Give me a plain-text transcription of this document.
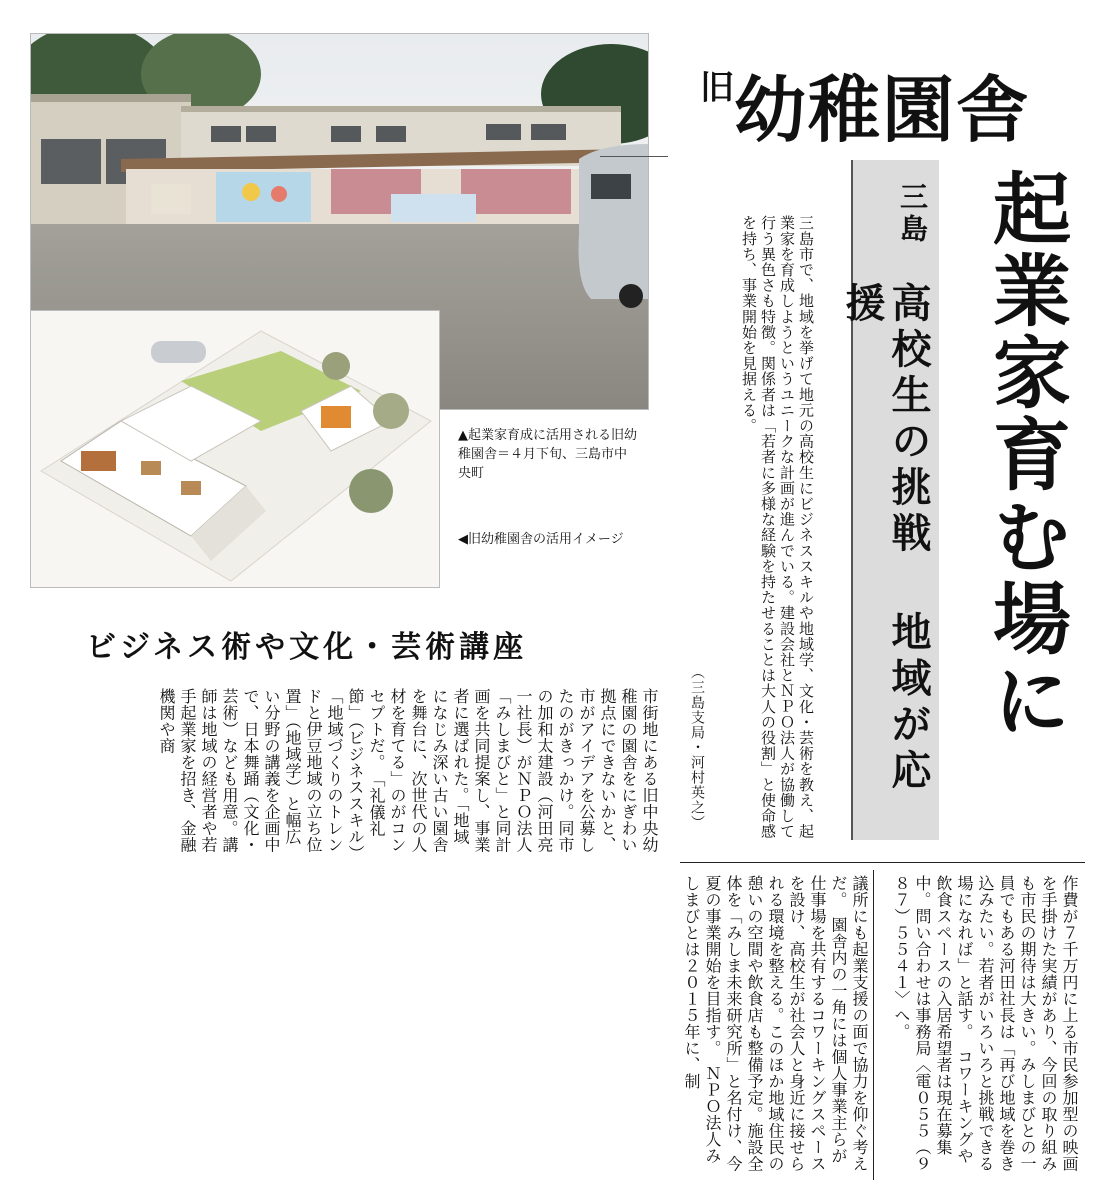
▲起業家育成に活用される旧幼稚園舎＝４月下旬、三島市中央町
◀旧幼稚園舎の活用イメージ
旧幼稚園舎
起業家育む場に
三島
高校生の挑戦 地域が応援
三島市で、地域を挙げて地元の高校生にビジネススキルや地域学、文化・芸術を教え、起業家を育成しようというユニークな計画が進んでいる。建設会社とＮＰＯ法人が協働して行う異色さも特徴。関係者は「若者に多様な経験を持たせることは大人の役割」と使命感を持ち、事業開始を見据える。
（三島支局・河村英之）
ビジネス術や文化・芸術講座
市街地にある旧中央幼稚園の園舎をにぎわい拠点にできないかと、市がアイデアを公募したのがきっかけ。同市の加和太建設（河田亮一社長）がＮＰＯ法人「みしまびと」と同計画を共同提案し、事業者に選ばれた。「地域になじみ深い古い園舎を舞台に、次世代の人材を育てる」のがコンセプトだ。　「礼儀礼節」（ビジネススキル）「地域づくりのトレンドと伊豆地域の立ち位置」（地域学）と幅広い分野の講義を企画中で、日本舞踊（文化・芸術）なども用意。講師は地域の経営者や若手起業家を招き、金融機関や商
議所にも起業支援の面で協力を仰ぐ考えだ。　園舎内の一角には個人事業主らが仕事場を共有するコワーキングスペースを設け、高校生が社会人と身近に接せられる環境を整える。このほか地域住民の憩いの空間や飲食店も整備予定。施設全体を「みしま未来研究所」と名付け、今夏の事業開始を目指す。　ＮＰＯ法人みしまびとは２０１５年に、制	作費が７千万円に上る市民参加型の映画を手掛けた実績があり、今回の取り組みも市民の期待は大きい。みしまびとの一員でもある河田社長は「再び地域を巻き込みたい。若者がいろいろと挑戦できる場になれば」と話す。　コワーキングや飲食スペースの入居希望者は現在募集中。問い合わせは事務局〈電０５５（９８７）５５４１〉へ。
